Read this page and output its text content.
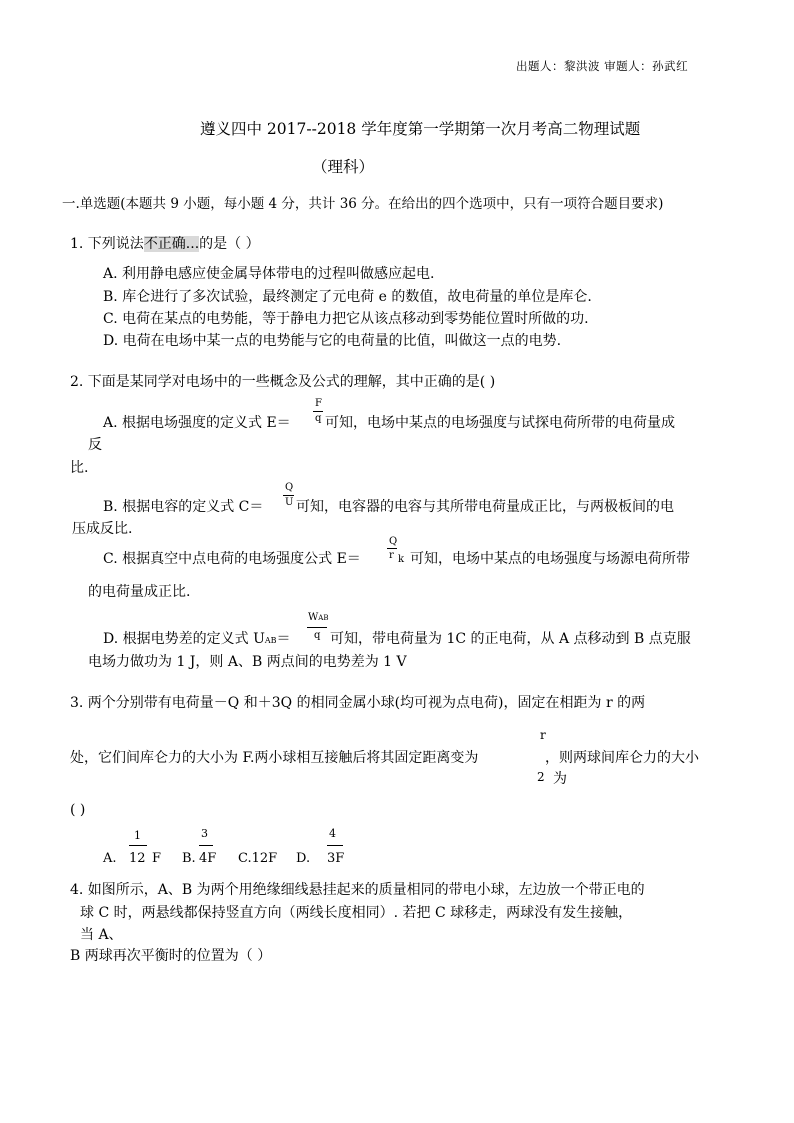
出题人：黎洪波 审题人：孙武红
遵义四中 2017--2018 学年度第一学期第一次月考高二物理试题
（理科）
一.单选题(本题共 9 小题，每小题 4 分，共计 36 分。在给出的四个选项中，只有一项符合题目要求)
1. 下列说法不正确...的是（ ）
A. 利用静电感应使金属导体带电的过程叫做感应起电.
B. 库仑进行了多次试验，最终测定了元电荷 e 的数值，故电荷量的单位是库仑.
C. 电荷在某点的电势能，等于静电力把它从该点移动到零势能位置时所做的功.
D. 电荷在电场中某一点的电势能与它的电荷量的比值，叫做这一点的电势.
2. 下面是某同学对电场中的一些概念及公式的理解，其中正确的是( )
A. 根据电场强度的定义式 E＝
F
q 可知，电场中某点的电场强度与试探电荷所带的电荷量成
反
比.
B. 根据电容的定义式 C＝
Q
U 可知，电容器的电容与其所带电荷量成正比，与两极板间的电
压成反比.
C. 根据真空中点电荷的电场强度公式 E＝
Q
r k 可知，电场中某点的电场强度与场源电荷所带
的电荷量成正比.
D. 根据电势差的定义式 UAB＝
WAB
q 可知，带电荷量为 1C 的正电荷，从 A 点移动到 B 点克服
电场力做功为 1 J，则 A、B 两点间的电势差为 1 V
3. 两个分别带有电荷量－Q 和＋3Q 的相同金属小球(均可视为点电荷)，固定在相距为 r 的两
r
处，它们间库仑力的大小为 F.两小球相互接触后将其固定距离变为	，则两球间库仑力的大小
2 为
( )
1
A. 12 F
3
B. 4F C.12F
4
D. 3F
4. 如图所示，A、B 为两个用绝缘细线悬挂起来的质量相同的带电小球，左边放一个带正电的
球 C 时，两悬线都保持竖直方向（两线长度相同）. 若把 C 球移走，两球没有发生接触，
当 A、
B 两球再次平衡时的位置为（ ）
